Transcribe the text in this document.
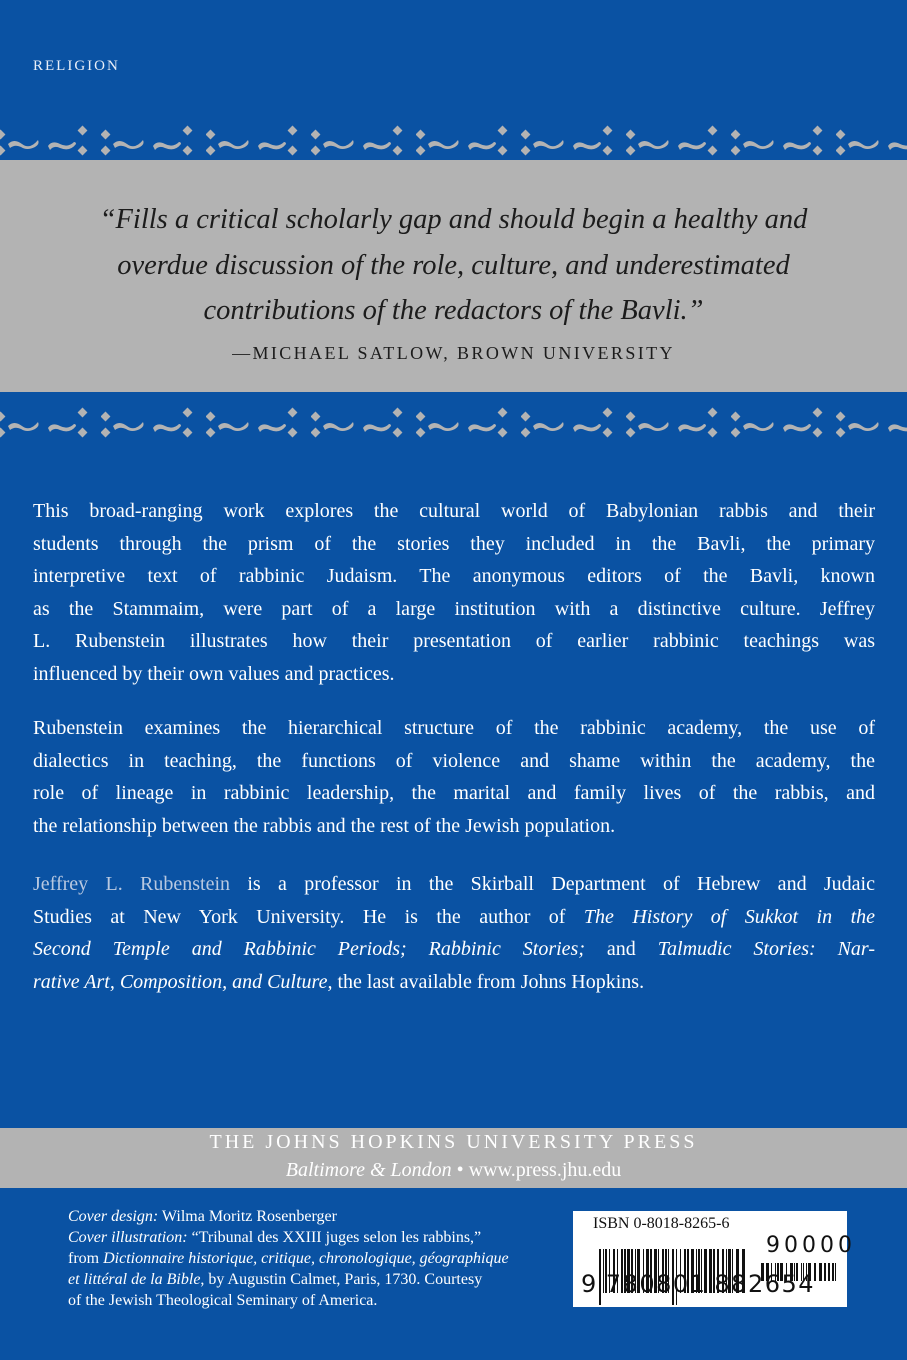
RELIGION
“Fills a critical scholarly gap and should begin a healthy and
overdue discussion of the role, culture, and underestimated
contributions of the redactors of the Bavli.”
—MICHAEL SATLOW, BROWN UNIVERSITY
This broad-ranging work explores the cultural world of Babylonian rabbis and their
students through the prism of the stories they included in the Bavli, the primary
interpretive text of rabbinic Judaism. The anonymous editors of the Bavli, known
as the Stammaim, were part of a large institution with a distinctive culture. Jeffrey
L. Rubenstein illustrates how their presentation of earlier rabbinic teachings was
influenced by their own values and practices.
Rubenstein examines the hierarchical structure of the rabbinic academy, the use of
dialectics in teaching, the functions of violence and shame within the academy, the
role of lineage in rabbinic leadership, the marital and family lives of the rabbis, and
the relationship between the rabbis and the rest of the Jewish population.
Jeffrey L. Rubenstein is a professor in the Skirball Department of Hebrew and Judaic
Studies at New York University. He is the author of The History of Sukkot in the
Second Temple and Rabbinic Periods; Rabbinic Stories; and Talmudic Stories: Nar-
rative Art, Composition, and Culture, the last available from Johns Hopkins.
THE JOHNS HOPKINS UNIVERSITY PRESS
Baltimore & London • www.press.jhu.edu
Cover design: Wilma Moritz Rosenberger
Cover illustration: “Tribunal des XXIII juges selon les rabbins,”
from Dictionnaire historique, critique, chronologique, géographique
et littéral de la Bible, by Augustin Calmet, Paris, 1730. Courtesy
of the Jewish Theological Seminary of America.
ISBN 0-8018-8265-6
9 780801 882654
90000
